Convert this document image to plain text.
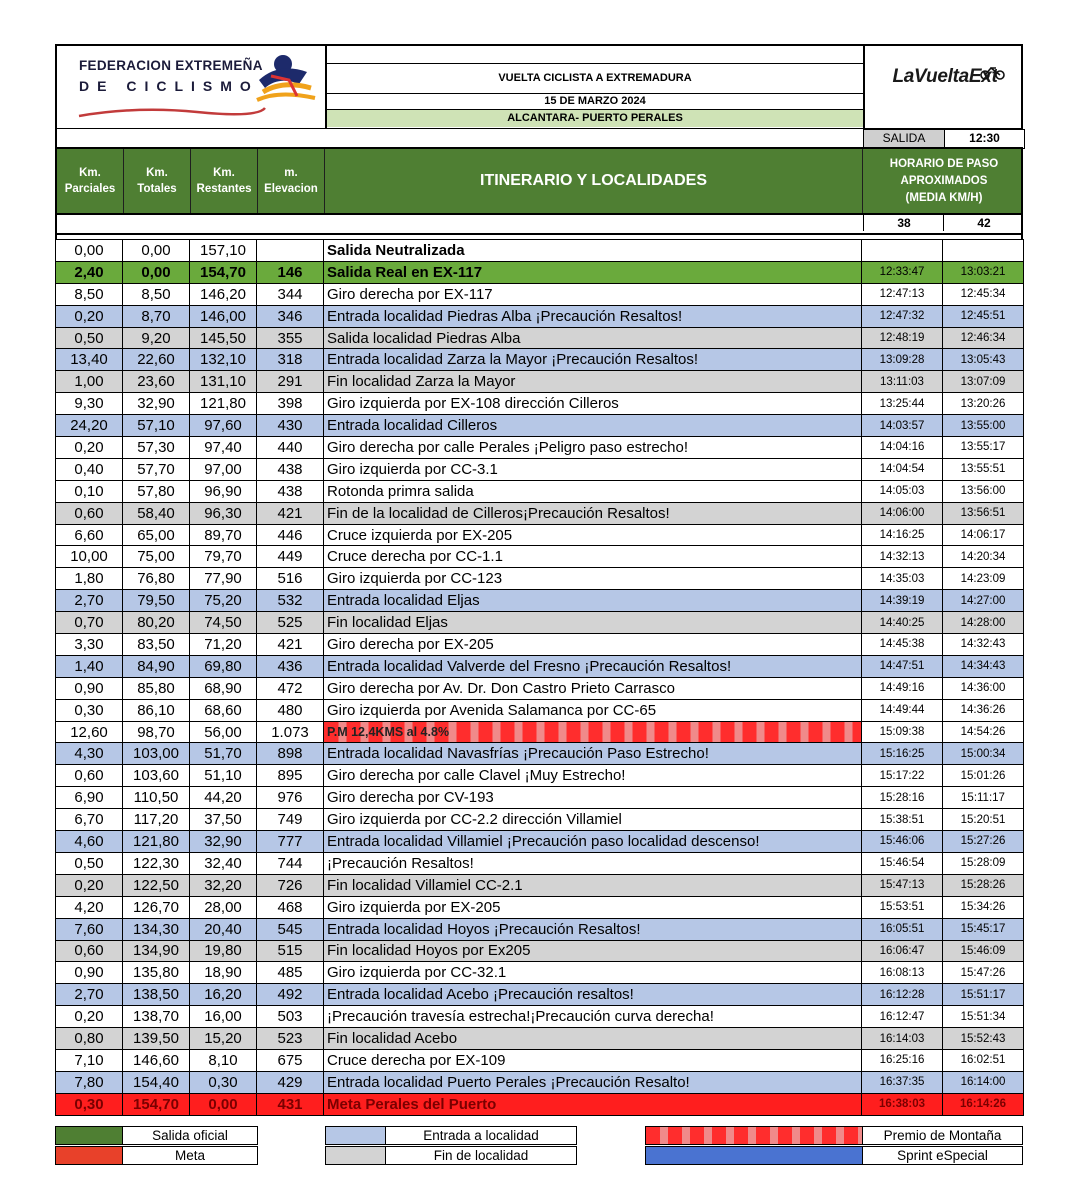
FEDERACION EXTREMEÑA
DE CICLISMO	VUELTA CICLISTA A EXTREMADURA
15 DE MARZO 2024
ALCANTARA- PUERTO PERALES
LaVueltaExt
SALIDA	12:30
Km.
Parciales
Km.
Totales
Km.
Restantes
m.
Elevacion	ITINERARIO Y LOCALIDADES
HORARIO DE PASO
APROXIMADOS
(MEDIA KM/H)
38	42
0,00	0,00	157,10		Salida Neutralizada		
2,40	0,00	154,70	146	Salida Real en EX-117	12:33:47	13:03:21
8,50	8,50	146,20	344	Giro derecha por EX-117	12:47:13	12:45:34
0,20	8,70	146,00	346	Entrada localidad Piedras Alba ¡Precaución Resaltos!	12:47:32	12:45:51
0,50	9,20	145,50	355	Salida localidad Piedras Alba	12:48:19	12:46:34
13,40	22,60	132,10	318	Entrada localidad Zarza la Mayor ¡Precaución Resaltos!	13:09:28	13:05:43
1,00	23,60	131,10	291	Fin localidad Zarza la Mayor	13:11:03	13:07:09
9,30	32,90	121,80	398	Giro izquierda por EX-108 dirección Cilleros	13:25:44	13:20:26
24,20	57,10	97,60	430	Entrada localidad Cilleros	14:03:57	13:55:00
0,20	57,30	97,40	440	Giro derecha por calle Perales ¡Peligro paso estrecho!	14:04:16	13:55:17
0,40	57,70	97,00	438	Giro izquierda por CC-3.1	14:04:54	13:55:51
0,10	57,80	96,90	438	Rotonda primra salida	14:05:03	13:56:00
0,60	58,40	96,30	421	Fin de la localidad de Cilleros¡Precaución Resaltos!	14:06:00	13:56:51
6,60	65,00	89,70	446	Cruce izquierda por EX-205	14:16:25	14:06:17
10,00	75,00	79,70	449	Cruce derecha por CC-1.1	14:32:13	14:20:34
1,80	76,80	77,90	516	Giro izquierda por CC-123	14:35:03	14:23:09
2,70	79,50	75,20	532	Entrada localidad Eljas	14:39:19	14:27:00
0,70	80,20	74,50	525	Fin localidad Eljas	14:40:25	14:28:00
3,30	83,50	71,20	421	Giro derecha por EX-205	14:45:38	14:32:43
1,40	84,90	69,80	436	Entrada localidad Valverde del Fresno ¡Precaución Resaltos!	14:47:51	14:34:43
0,90	85,80	68,90	472	Giro derecha por Av. Dr. Don Castro Prieto Carrasco	14:49:16	14:36:00
0,30	86,10	68,60	480	Giro izquierda por Avenida Salamanca por CC-65	14:49:44	14:36:26
12,60	98,70	56,00	1.073	P.M 12,4KMS al 4.8%	15:09:38	14:54:26
4,30	103,00	51,70	898	Entrada localidad Navasfrías ¡Precaución Paso Estrecho!	15:16:25	15:00:34
0,60	103,60	51,10	895	Giro derecha por calle Clavel ¡Muy Estrecho!	15:17:22	15:01:26
6,90	110,50	44,20	976	Giro derecha por CV-193	15:28:16	15:11:17
6,70	117,20	37,50	749	Giro izquierda por CC-2.2 dirección Villamiel	15:38:51	15:20:51
4,60	121,80	32,90	777	Entrada localidad Villamiel ¡Precaución paso localidad descenso!	15:46:06	15:27:26
0,50	122,30	32,40	744	¡Precaución Resaltos!	15:46:54	15:28:09
0,20	122,50	32,20	726	Fin localidad Villamiel CC-2.1	15:47:13	15:28:26
4,20	126,70	28,00	468	Giro izquierda por EX-205	15:53:51	15:34:26
7,60	134,30	20,40	545	Entrada localidad Hoyos ¡Precaución Resaltos!	16:05:51	15:45:17
0,60	134,90	19,80	515	Fin localidad Hoyos por Ex205	16:06:47	15:46:09
0,90	135,80	18,90	485	Giro izquierda por CC-32.1	16:08:13	15:47:26
2,70	138,50	16,20	492	Entrada localidad Acebo ¡Precaución resaltos!	16:12:28	15:51:17
0,20	138,70	16,00	503	¡Precaución travesía estrecha!¡Precaución curva derecha!	16:12:47	15:51:34
0,80	139,50	15,20	523	Fin localidad Acebo	16:14:03	15:52:43
7,10	146,60	8,10	675	Cruce derecha por EX-109	16:25:16	16:02:51
7,80	154,40	0,30	429	Entrada localidad Puerto Perales ¡Precaución Resalto!	16:37:35	16:14:00
0,30	154,70	0,00	431	Meta Perales del Puerto	16:38:03	16:14:26
Salida oficial
Meta
Entrada a localidad
Fin de localidad
Premio de Montaña
Sprint eSpecial
